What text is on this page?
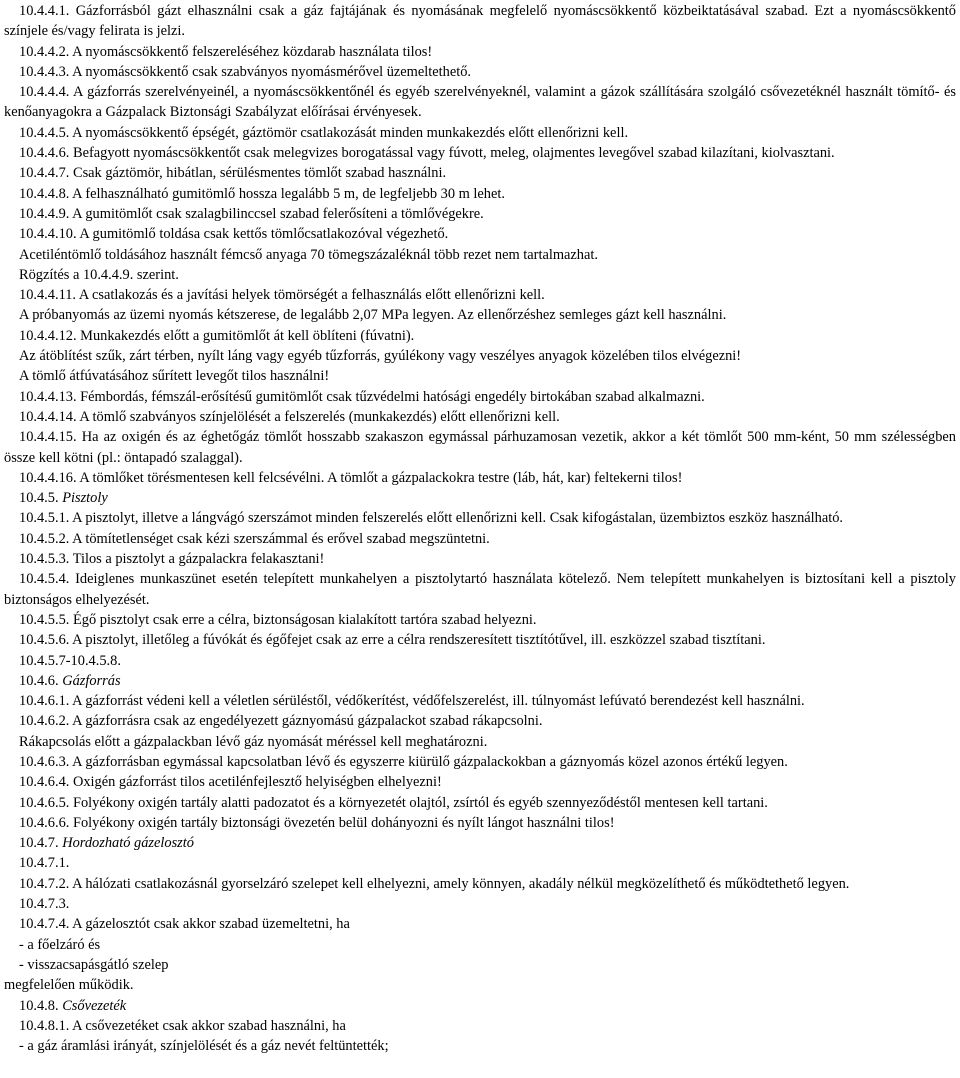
10.4.4.1. Gázforrásból gázt elhasználni csak a gáz fajtájának és nyomásának megfelelő nyomáscsökkentő közbeiktatásával szabad. Ezt a nyomáscsökkentő színjele és/vagy felirata is jelzi.

10.4.4.2. A nyomáscsökkentő felszereléséhez közdarab használata tilos!

10.4.4.3. A nyomáscsökkentő csak szabványos nyomásmérővel üzemeltethető.

10.4.4.4. A gázforrás szerelvényeinél, a nyomáscsökkentőnél és egyéb szerelvényeknél, valamint a gázok szállítására szolgáló csővezetéknél használt tömítő- és kenőanyagokra a Gázpalack Biztonsági Szabályzat előírásai érvényesek.

10.4.4.5. A nyomáscsökkentő épségét, gáztömör csatlakozását minden munkakezdés előtt ellenőrizni kell.

10.4.4.6. Befagyott nyomáscsökkentőt csak melegvizes borogatással vagy fúvott, meleg, olajmentes levegővel szabad kilazítani, kiolvasztani.

10.4.4.7. Csak gáztömör, hibátlan, sérülésmentes tömlőt szabad használni.

10.4.4.8. A felhasználható gumitömlő hossza legalább 5 m, de legfeljebb 30 m lehet.

10.4.4.9. A gumitömlőt csak szalagbilinccsel szabad felerősíteni a tömlővégekre.

10.4.4.10. A gumitömlő toldása csak kettős tömlőcsatlakozóval végezhető.

Acetiléntömlő toldásához használt fémcső anyaga 70 tömegszázaléknál több rezet nem tartalmazhat.

Rögzítés a 10.4.4.9. szerint.

10.4.4.11. A csatlakozás és a javítási helyek tömörségét a felhasználás előtt ellenőrizni kell.

A próbanyomás az üzemi nyomás kétszerese, de legalább 2,07 MPa legyen. Az ellenőrzéshez semleges gázt kell használni.

10.4.4.12. Munkakezdés előtt a gumitömlőt át kell öblíteni (fúvatni).

Az átöblítést szűk, zárt térben, nyílt láng vagy egyéb tűzforrás, gyúlékony vagy veszélyes anyagok közelében tilos elvégezni!

A tömlő átfúvatásához sűrített levegőt tilos használni!

10.4.4.13. Fémbordás, fémszál-erősítésű gumitömlőt csak tűzvédelmi hatósági engedély birtokában szabad alkalmazni.

10.4.4.14. A tömlő szabványos színjelölését a felszerelés (munkakezdés) előtt ellenőrizni kell.

10.4.4.15. Ha az oxigén és az éghetőgáz tömlőt hosszabb szakaszon egymással párhuzamosan vezetik, akkor a két tömlőt 500 mm-ként, 50 mm szélességben össze kell kötni (pl.: öntapadó szalaggal).

10.4.4.16. A tömlőket törésmentesen kell felcsévélni. A tömlőt a gázpalackokra testre (láb, hát, kar) feltekerni tilos!

10.4.5. Pisztoly

10.4.5.1. A pisztolyt, illetve a lángvágó szerszámot minden felszerelés előtt ellenőrizni kell. Csak kifogástalan, üzembiztos eszköz használható.

10.4.5.2. A tömítetlenséget csak kézi szerszámmal és erővel szabad megszüntetni.

10.4.5.3. Tilos a pisztolyt a gázpalackra felakasztani!

10.4.5.4. Ideiglenes munkaszünet esetén telepített munkahelyen a pisztolytartó használata kötelező. Nem telepített munkahelyen is biztosítani kell a pisztoly biztonságos elhelyezését.

10.4.5.5. Égő pisztolyt csak erre a célra, biztonságosan kialakított tartóra szabad helyezni.

10.4.5.6. A pisztolyt, illetőleg a fúvókát és égőfejet csak az erre a célra rendszeresített tisztítótűvel, ill. eszközzel szabad tisztítani.

10.4.5.7-10.4.5.8.

10.4.6. Gázforrás

10.4.6.1. A gázforrást védeni kell a véletlen sérüléstől, védőkerítést, védőfelszerelést, ill. túlnyomást lefúvató berendezést kell használni.

10.4.6.2. A gázforrásra csak az engedélyezett gáznyomású gázpalackot szabad rákapcsolni.

Rákapcsolás előtt a gázpalackban lévő gáz nyomását méréssel kell meghatározni.

10.4.6.3. A gázforrásban egymással kapcsolatban lévő és egyszerre kiürülő gázpalackokban a gáznyomás közel azonos értékű legyen.

10.4.6.4. Oxigén gázforrást tilos acetilénfejlesztő helyiségben elhelyezni!

10.4.6.5. Folyékony oxigén tartály alatti padozatot és a környezetét olajtól, zsírtól és egyéb szennyeződéstől mentesen kell tartani.

10.4.6.6. Folyékony oxigén tartály biztonsági övezetén belül dohányozni és nyílt lángot használni tilos!

10.4.7. Hordozható gázelosztó

10.4.7.1.

10.4.7.2. A hálózati csatlakozásnál gyorselzáró szelepet kell elhelyezni, amely könnyen, akadály nélkül megközelíthető és működtethető legyen.

10.4.7.3.

10.4.7.4. A gázelosztót csak akkor szabad üzemeltetni, ha

- a főelzáró és

- visszacsapásgátló szelep

megfelelően működik.

10.4.8. Csővezeték

10.4.8.1. A csővezetéket csak akkor szabad használni, ha

- a gáz áramlási irányát, színjelölését és a gáz nevét feltüntették;
